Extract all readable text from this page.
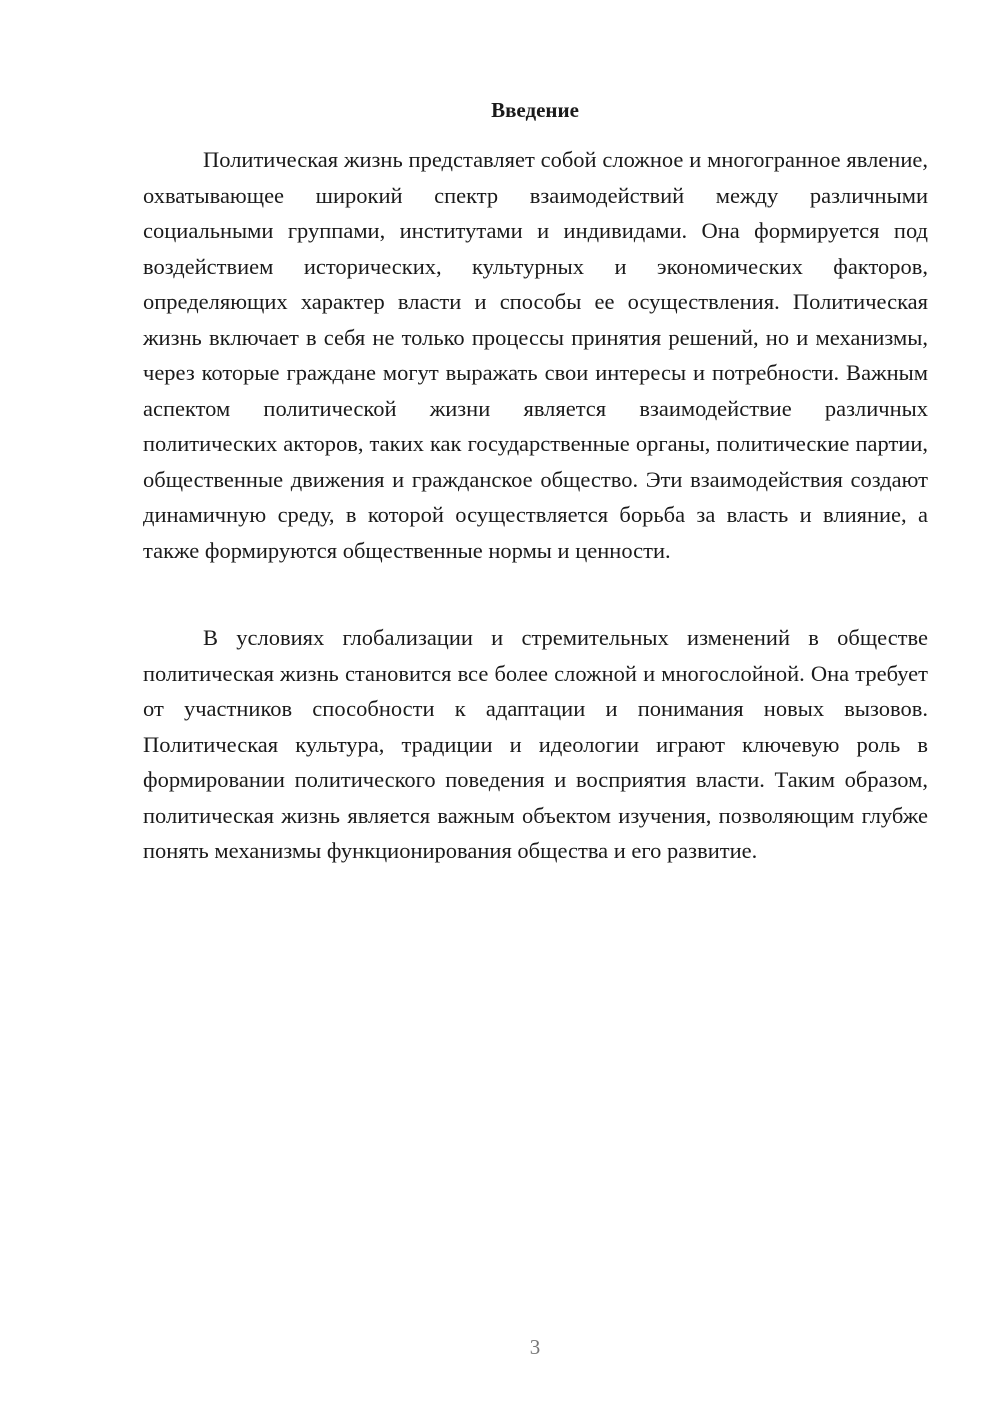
Введение

Политическая жизнь представляет собой сложное и многогранное явление, охватывающее широкий спектр взаимодействий между различными социальными группами, институтами и индивидами. Она формируется под воздействием исторических, культурных и экономических факторов, определяющих характер власти и способы ее осуществления. Политическая жизнь включает в себя не только процессы принятия решений, но и механизмы, через которые граждане могут выражать свои интересы и потребности. Важным аспектом политической жизни является взаимодействие различных политических акторов, таких как государственные органы, политические партии, общественные движения и гражданское общество. Эти взаимодействия создают динамичную среду, в которой осуществляется борьба за власть и влияние, а также формируются общественные нормы и ценности.

В условиях глобализации и стремительных изменений в обществе политическая жизнь становится все более сложной и многослойной. Она требует от участников способности к адаптации и понимания новых вызовов. Политическая культура, традиции и идеологии играют ключевую роль в формировании политического поведения и восприятия власти. Таким образом, политическая жизнь является важным объектом изучения, позволяющим глубже понять механизмы функционирования общества и его развитие.

3
